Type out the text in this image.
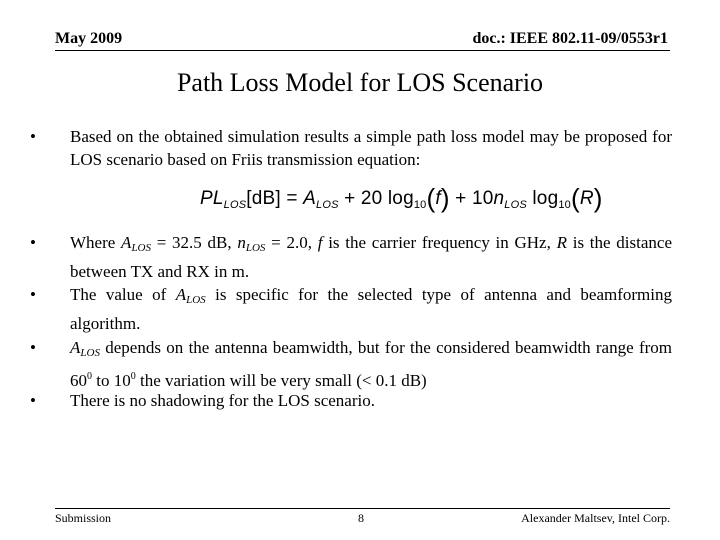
May 2009	doc.: IEEE 802.11-09/0553r1
Path Loss Model for LOS Scenario
• Based on the obtained simulation results a simple path loss model may be proposed for LOS scenario based on Friis transmission equation:
$PL_{LOS}[dB] = A_{LOS} + 20$ $\log_{10}(f) + 10n_{LOS}$ $\log_{10}(R)$
• Where $A_{LOS} = 32.5$ dB, $n_{LOS} = 2.0$, f is the carrier frequency in GHz, R is the distance between TX and RX in m.
• The value of $A_{LOS}$ is specific for the selected type of antenna and beamforming algorithm.
• $A_{LOS}$ depends on the antenna beamwidth, but for the considered beamwidth range from $60^0$ to $10^0$ the variation will be very small (< 0.1 dB)
• There is no shadowing for the LOS scenario.
Submission	8	Alexander Maltsev, Intel Corp.
